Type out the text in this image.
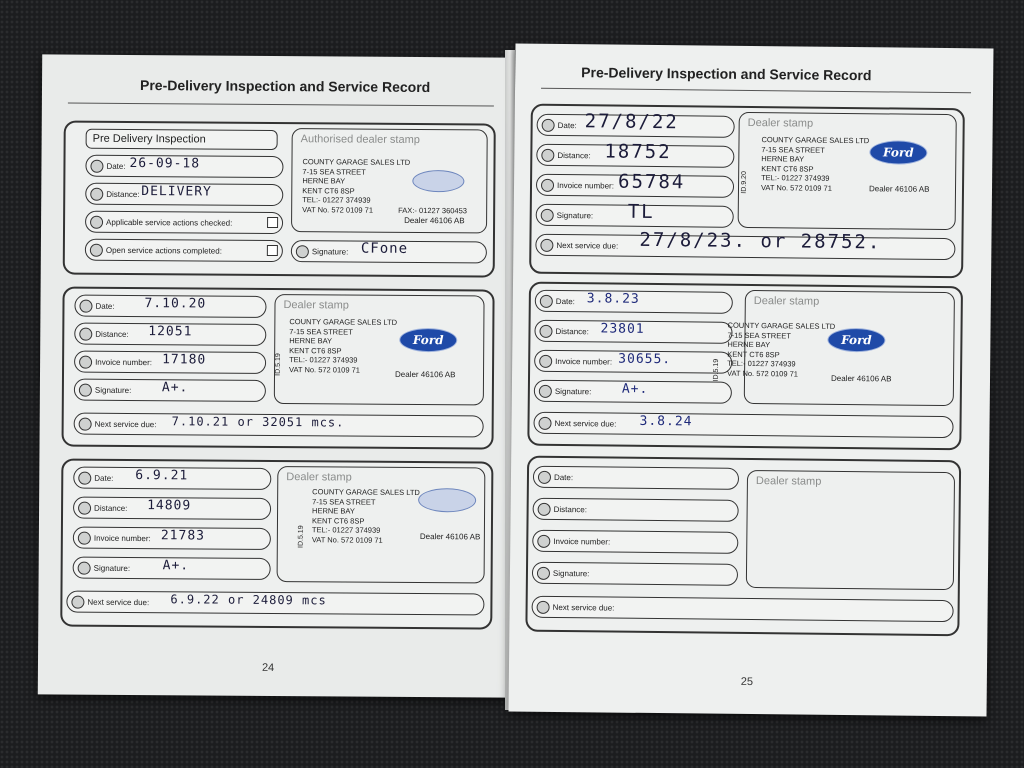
Pre-Delivery Inspection and Service Record
Pre Delivery Inspection
Date: 26-09-18
Distance: DELIVERY
Applicable service actions checked:
Open service actions completed:
Authorised dealer stamp
COUNTY GARAGE SALES LTD
7-15 SEA STREET
HERNE BAY
KENT CT6 8SP
TEL:- 01227 374939
VAT No. 572 0109 71	FAX:- 01227 360453
Dealer 46106 AB
Signature: CFone
Date: 7.10.20
Distance: 12051
Invoice number: 17180
Signature: A+.
Dealer stamp
COUNTY GARAGE SALES LTD
7-15 SEA STREET
HERNE BAY
KENT CT6 8SP
TEL:- 01227 374939
VAT No. 572 0109 71
ID.5.19	Dealer 46106 AB
Ford
Next service due: 7.10.21 or 32051 mcs.
Date: 6.9.21
Distance: 14809
Invoice number: 21783
Signature: A+.
Dealer stamp
COUNTY GARAGE SALES LTD
7-15 SEA STREET
HERNE BAY
KENT CT6 8SP
TEL:- 01227 374939
VAT No. 572 0109 71
ID.5.19	Dealer 46106 AB
Next service due: 6.9.22 or 24809 mcs
24
Pre-Delivery Inspection and Service Record
Date: 27/8/22
Distance: 18752
Invoice number: 65784
Signature: TL
Dealer stamp
COUNTY GARAGE SALES LTD
7-15 SEA STREET
HERNE BAY
KENT CT6 8SP
TEL:- 01227 374939
VAT No. 572 0109 71
ID.9.20	Dealer 46106 AB
Ford
Next service due: 27/8/23. or 28752.
Date: 3.8.23
Distance: 23801
Invoice number: 30655.
Signature: A+.
Dealer stamp
COUNTY GARAGE SALES LTD
7-15 SEA STREET
HERNE BAY
KENT CT6 8SP
TEL:- 01227 374939
VAT No. 572 0109 71
ID.5.19	Dealer 46106 AB
Ford
Next service due: 3.8.24
Date:
Distance:
Invoice number:
Signature:
Dealer stamp
Next service due:
25
